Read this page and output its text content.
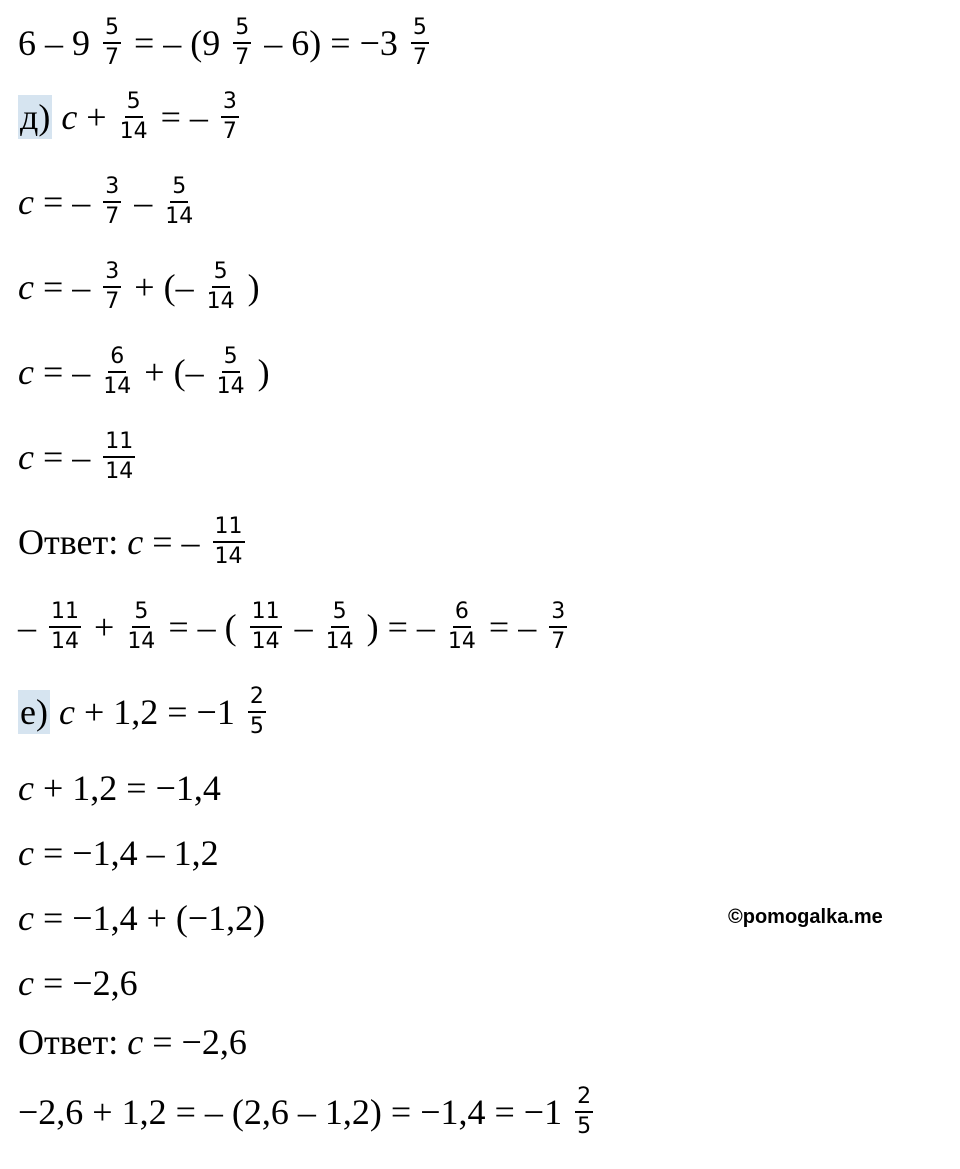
$6 - 9 \frac{5}{7}$ = – $(9 \frac{5}{7} - 6) = -3 \frac{5}{7}$
д) $c + \frac{5}{14}$ = – $\frac{3}{7}$
c = – $\frac{3}{7} - \frac{5}{14}$
c = – $\frac{3}{7}$ + (– $\frac{5}{14}$ )
c = – $\frac{6}{14}$ + (– $\frac{5}{14}$ )
c = – $\frac{11}{14}$
Ответ: c = – $\frac{11}{14}$
– $\frac{11}{14} + \frac{5}{14}$ = – ( $\frac{11}{14} - \frac{5}{14}$ ) = – $\frac{6}{14}$ = – $\frac{3}{7}$
е) $c + 1,2 = -1 \frac{2}{5}$
c + 1,2 = −1,4
c = −1,4 – 1,2
c = −1,4 + (−1,2)
c = −2,6
Ответ: c = −2,6
−2,6 + 1,2 = – $(2,6 - 1,2) = -1,4 = -1 \frac{2}{5}$
©pomogalka.me
